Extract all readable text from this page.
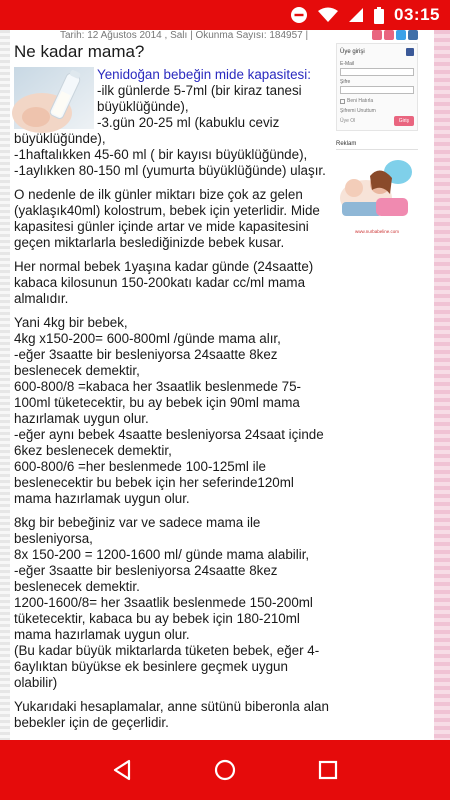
03:15
Tarih: 12 Ağustos 2014 , Salı | Okunma Sayısı: 184957 |
Ne kadar mama?
Yenidoğan bebeğin mide kapasitesi:
-ilk günlerde 5-7ml (bir kiraz tanesi büyüklüğünde),
-3.gün 20-25 ml (kabuklu ceviz büyüklüğünde),
-1haftalıkken 45-60 ml ( bir kayısı büyüklüğünde),
-1aylıkken 80-150 ml (yumurta büyüklüğünde) ulaşır.
O nedenle de ilk günler miktarı bize çok az gelen (yaklaşık40ml) kolostrum, bebek için yeterlidir. Mide kapasitesi günler içinde artar ve mide kapasitesini geçen miktarlarla beslediğinizde bebek kusar.
Her normal bebek 1yaşına kadar günde (24saatte) kabaca kilosunun 150-200katı kadar cc/ml mama almalıdır.
Yani 4kg bir bebek,
4kg x150-200= 600-800ml /günde mama alır,
-eğer 3saatte bir besleniyorsa 24saatte 8kez beslenecek demektir,
600-800/8 =kabaca her 3saatlik beslenmede 75-100ml tüketecektir, bu ay bebek için 90ml mama hazırlamak uygun olur.
-eğer aynı bebek 4saatte besleniyorsa 24saat içinde 6kez beslenecek demektir,
600-800/6 =her beslenmede 100-125ml ile beslenecektir bu bebek için her seferinde120ml mama hazırlamak uygun olur.
8kg bir bebeğiniz var ve sadece mama ile besleniyorsa,
8x 150-200 = 1200-1600 ml/ günde mama alabilir,
-eğer 3saatte bir besleniyorsa 24saatte 8kez beslenecek demektir.
1200-1600/8= her 3saatlik beslenmede 150-200ml tüketecektir, kabaca bu ay bebek için 180-210ml mama hazırlamak uygun olur.
(Bu kadar büyük miktarlarda tüketen bebek, eğer 4-6aylıktan büyükse ek besinlere geçmek uygun olabilir)
Yukarıdaki hesaplamalar, anne sütünü biberonla alan bebekler için de geçerlidir.
Üye girişi
E-Mail
Şifre
Beni Hatırla
Şifremi Unuttum
Üye Ol	Giriş
Reklam
www.nurbabeline.com
